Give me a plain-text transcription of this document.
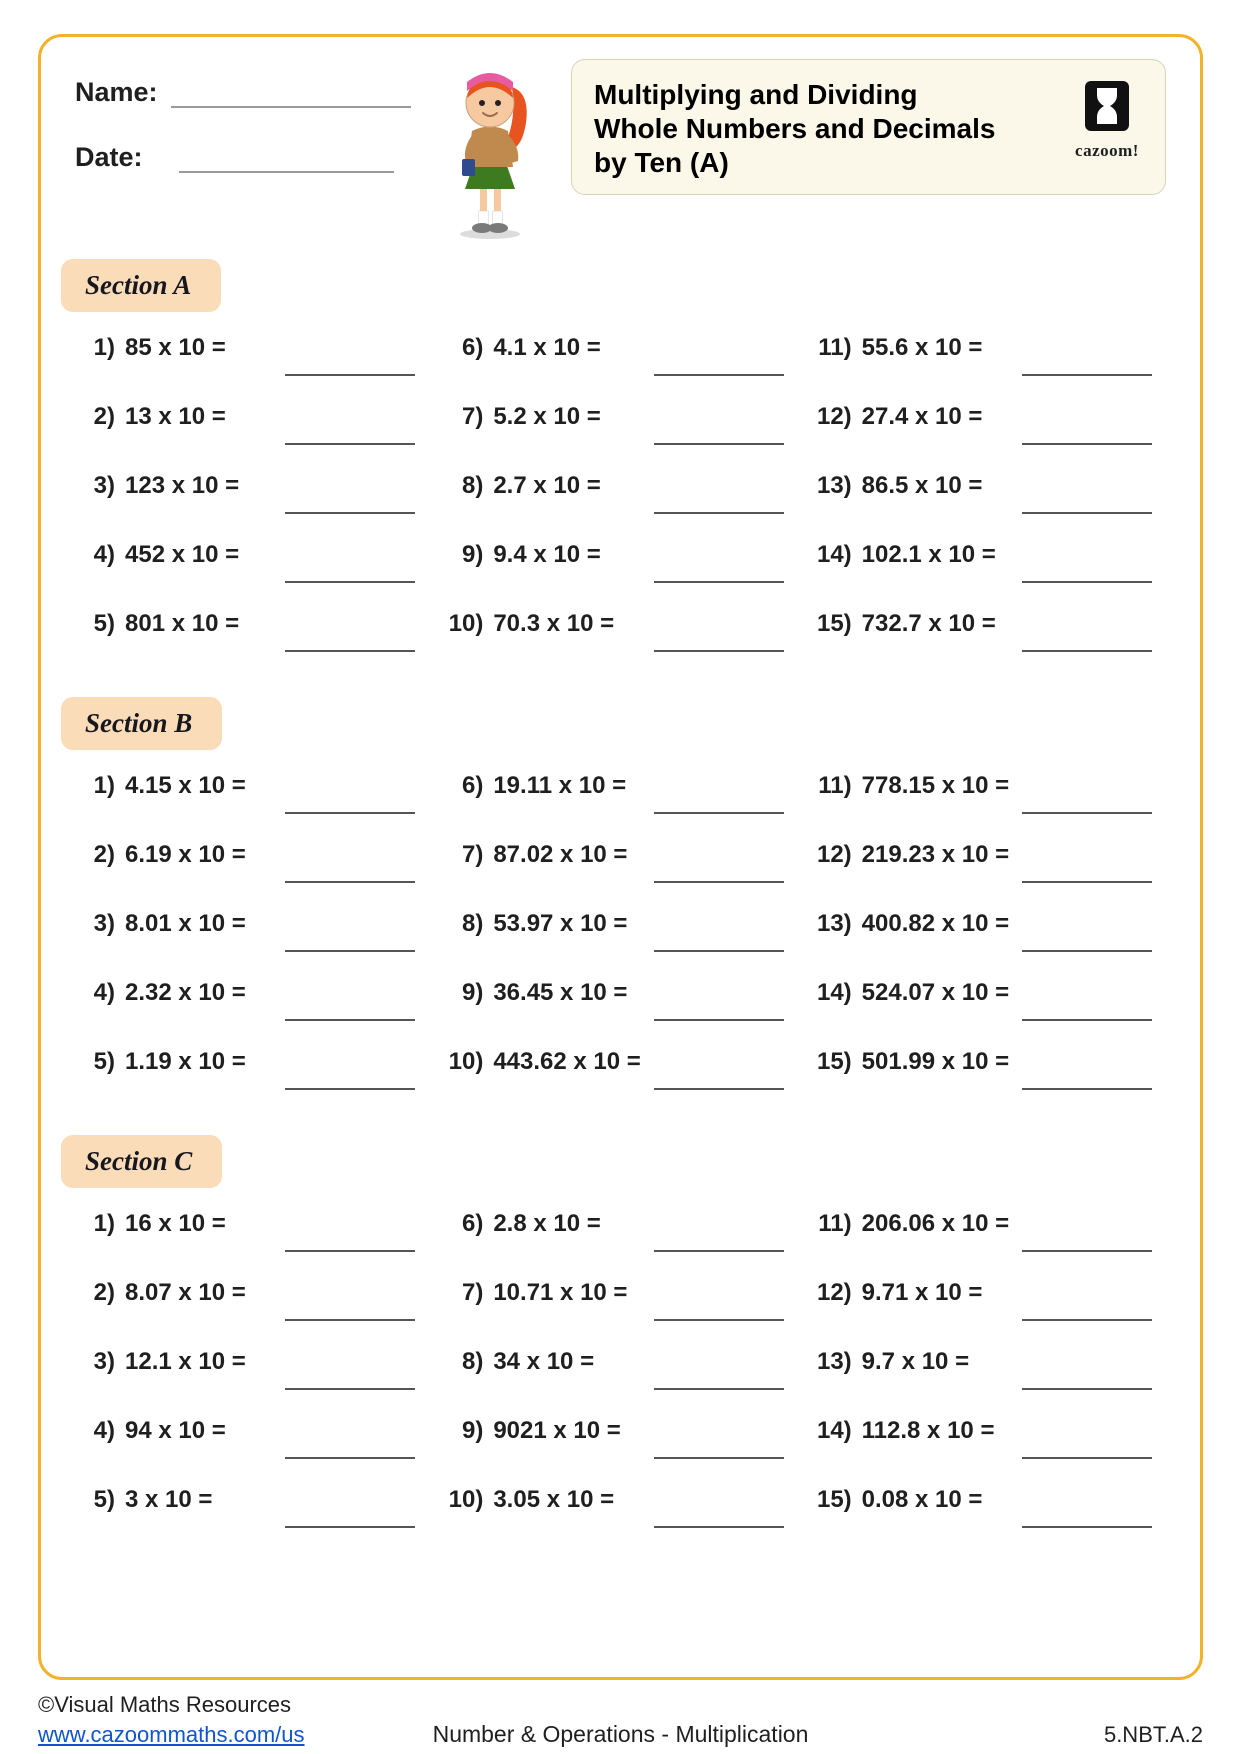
Name:
Date:
Multiplying and Dividing
Whole Numbers and Decimals
by Ten (A)	cazoom!
Section A
1) 85 x 10 =
2) 13 x 10 =
3) 123 x 10 =
4) 452 x 10 =
5) 801 x 10 =
6) 4.1 x 10 =
7) 5.2 x 10 =
8) 2.7 x 10 =
9) 9.4 x 10 =
10) 70.3 x 10 =
11) 55.6 x 10 =
12) 27.4 x 10 =
13) 86.5 x 10 =
14) 102.1 x 10 =
15) 732.7 x 10 =
Section B
1) 4.15 x 10 =
2) 6.19 x 10 =
3) 8.01 x 10 =
4) 2.32 x 10 =
5) 1.19 x 10 =
6) 19.11 x 10 =
7) 87.02 x 10 =
8) 53.97 x 10 =
9) 36.45 x 10 =
10) 443.62 x 10 =
11) 778.15 x 10 =
12) 219.23 x 10 =
13) 400.82 x 10 =
14) 524.07 x 10 =
15) 501.99 x 10 =
Section C
1) 16 x 10 =
2) 8.07 x 10 =
3) 12.1 x 10 =
4) 94 x 10 =
5) 3 x 10 =
6) 2.8 x 10 =
7) 10.71 x 10 =
8) 34 x 10 =
9) 9021 x 10 =
10) 3.05 x 10 =
11) 206.06 x 10 =
12) 9.71 x 10 =
13) 9.7 x 10 =
14) 112.8 x 10 =
15) 0.08 x 10 =
©Visual Maths Resources
www.cazoommaths.com/us	Number & Operations - Multiplication	5.NBT.A.2
